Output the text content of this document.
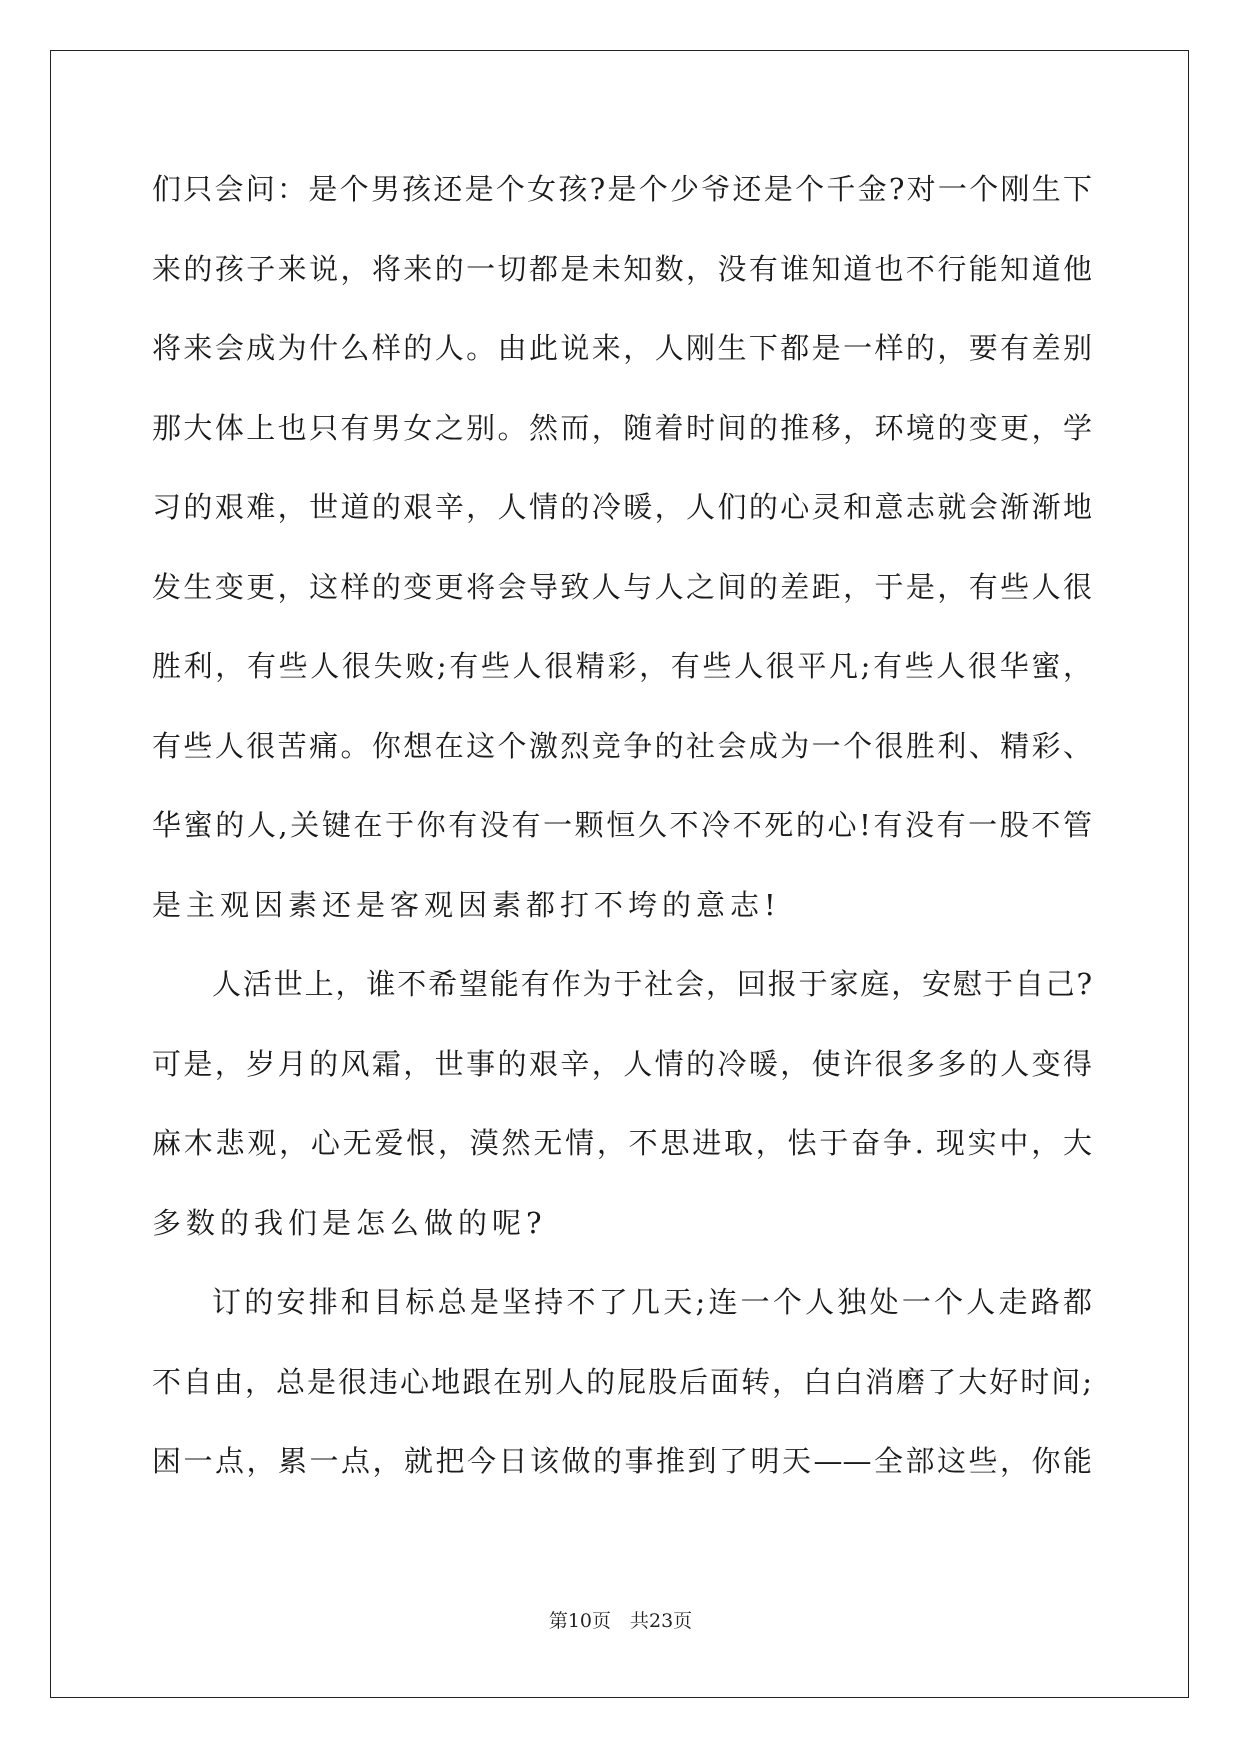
们只会问：是个男孩还是个女孩?是个少爷还是个千金?对一个刚生下
来的孩子来说，将来的一切都是未知数，没有谁知道也不行能知道他
将来会成为什么样的人。由此说来，人刚生下都是一样的，要有差别
那大体上也只有男女之别。然而，随着时间的推移，环境的变更，学
习的艰难，世道的艰辛，人情的冷暖，人们的心灵和意志就会渐渐地
发生变更，这样的变更将会导致人与人之间的差距，于是，有些人很
胜利，有些人很失败;有些人很精彩，有些人很平凡;有些人很华蜜，
有些人很苦痛。你想在这个激烈竞争的社会成为一个很胜利、精彩、
华蜜的人,关键在于你有没有一颗恒久不冷不死的心!有没有一股不管
是主观因素还是客观因素都打不垮的意志!
人活世上，谁不希望能有作为于社会，回报于家庭，安慰于自己?
可是，岁月的风霜，世事的艰辛，人情的冷暖，使许很多多的人变得
麻木悲观，心无爱恨，漠然无情，不思进取，怯于奋争. 现实中，大
多数的我们是怎么做的呢?
订的安排和目标总是坚持不了几天;连一个人独处一个人走路都
不自由，总是很违心地跟在别人的屁股后面转，白白消磨了大好时间;
困一点，累一点，就把今日该做的事推到了明天——全部这些，你能
第10页　共23页
